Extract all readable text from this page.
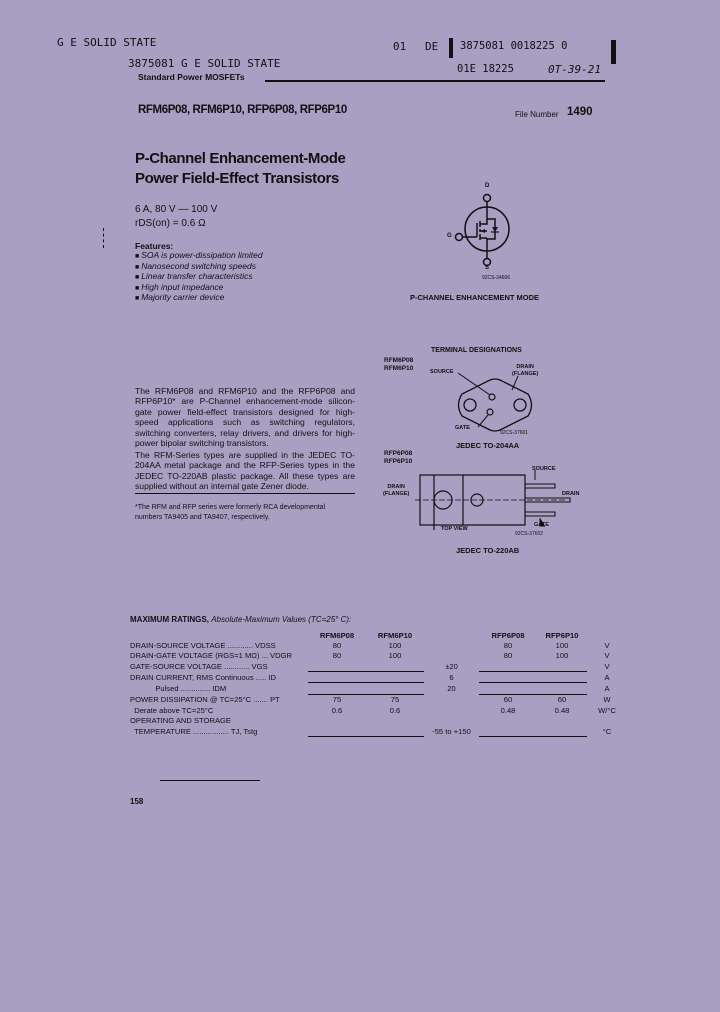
G E SOLID STATE
3875081 G E SOLID STATE
01 DE 3875081 0018225 0
01E 18225	0T-39-21
Standard Power MOSFETs
RFM6P08, RFM6P10, RFP6P08, RFP6P10	File Number 1490
P-Channel Enhancement-Mode
Power Field-Effect Transistors
6 A, 80 V — 100 V
rDS(on) = 0.6 Ω
Features:
■ SOA is power-dissipation limited
■ Nanosecond switching speeds
■ Linear transfer characteristics
■ High input impedance
■ Majority carrier device
D
G
S
92CS-34606
P-CHANNEL ENHANCEMENT MODE
The RFM6P08 and RFM6P10 and the RFP6P08 and RFP6P10* are P-Channel enhancement-mode silicon-gate power field-effect transistors designed for high-speed applications such as switching regulators, switching converters, relay drivers, and drivers for high-power bipolar switching transistors.
The RFM-Series types are supplied in the JEDEC TO-204AA metal package and the RFP-Series types in the JEDEC TO-220AB plastic package. All these types are supplied without an internal gate Zener diode.
*The RFM and RFP series were formerly RCA developmental numbers TA9405 and TA9407, respectively.
TERMINAL DESIGNATIONS
RFM6P08
RFM6P10	SOURCE
DRAIN
(FLANGE)
GATE
92CS-37601
JEDEC TO-204AA
RFP6P08
RFP6P10
SOURCE
DRAIN
DRAIN
(FLANGE)
GATE
TOP VIEW
92CS-37602
JEDEC TO-220AB
MAXIMUM RATINGS, Absolute-Maximum Values (TC=25° C):
	RFM6P08	RFM6P10		RFP6P08	RFP6P10	
DRAIN-SOURCE VOLTAGE ............ VDSS	80	100		80	100	V
DRAIN-GATE VOLTAGE (RGS=1 MΩ) ... VDGR	80	100		80	100	V
GATE-SOURCE VOLTAGE ............ VGS			±20			V
DRAIN CURRENT, RMS Continuous ..... ID			6			A
Pulsed .............. IDM			20			A
POWER DISSIPATION @ TC=25°C ....... PT	75	75		60	60	W
Derate above TC=25°C	0.6	0.6		0.48	0.48	W/°C
OPERATING AND STORAGE						
TEMPERATURE ................. TJ, Tstg			-55 to +150			°C
158
